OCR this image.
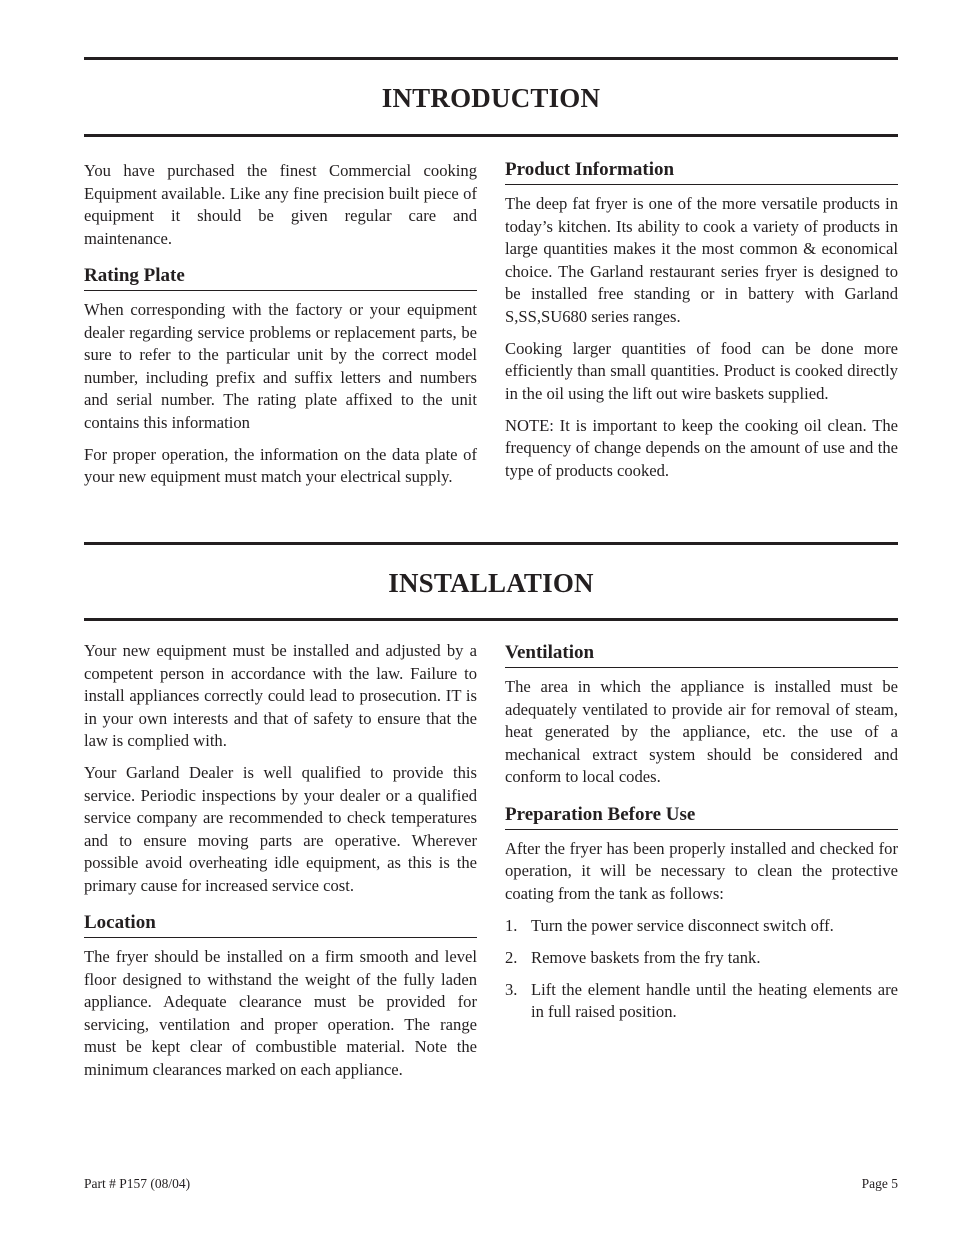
INTRODUCTION

You have purchased the finest Commercial cooking Equipment available. Like any fine precision built piece of equipment it should be given regular care and maintenance.

Rating Plate

When corresponding with the factory or your equipment dealer regarding service problems or replacement parts, be sure to refer to the particular unit by the correct model number, including prefix and suffix letters and numbers and serial number. The rating plate affixed to the unit contains this information

For proper operation, the information on the data plate of your new equipment must match your electrical supply.

Product Information

The deep fat fryer is one of the more versatile products in today’s kitchen. Its ability to cook a variety of products in large quantities makes it the most common & economical choice. The Garland restaurant series fryer is designed to be installed free standing or in battery with Garland S,SS,SU680 series ranges.

Cooking larger quantities of food can be done more efficiently than small quantities. Product is cooked directly in the oil using the lift out wire baskets supplied.

NOTE: It is important to keep the cooking oil clean. The frequency of change depends on the amount of use and the type of products cooked.

INSTALLATION

Your new equipment must be installed and adjusted by a competent person in accordance with the law. Failure to install appliances correctly could lead to prosecution. IT is in your own interests and that of safety to ensure that the law is complied with.

Your Garland Dealer is well qualified to provide this service. Periodic inspections by your dealer or a qualified service company are recommended to check temperatures and to ensure moving parts are operative. Wherever possible avoid overheating idle equipment, as this is the primary cause for increased service cost.

Location

The fryer should be installed on a firm smooth and level floor designed to withstand the weight of the fully laden appliance. Adequate clearance must be provided for servicing, ventilation and proper operation. The range must be kept clear of combustible material. Note the minimum clearances marked on each appliance.

Ventilation

The area in which the appliance is installed must be adequately ventilated to provide air for removal of steam, heat generated by the appliance, etc. the use of a mechanical extract system should be considered and conform to local codes.

Preparation Before Use

After the fryer has been properly installed and checked for operation, it will be necessary to clean the protective coating from the tank as follows:

1. Turn the power service disconnect switch off.
2. Remove baskets from the fry tank.
3. Lift the element handle until the heating elements are in full raised position.
Part # P157 (08/04)	Page 5
